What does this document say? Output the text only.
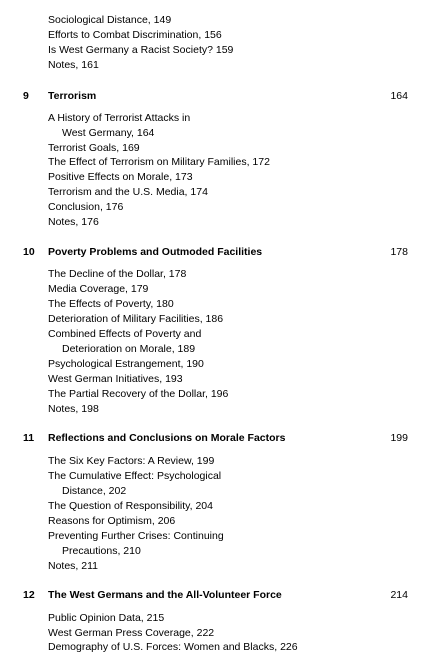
Sociological Distance, 149
Efforts to Combat Discrimination, 156
Is West Germany a Racist Society? 159
Notes, 161
9 Terrorism	164
A History of Terrorist Attacks in
West Germany, 164
Terrorist Goals, 169
The Effect of Terrorism on Military Families, 172
Positive Effects on Morale, 173
Terrorism and the U.S. Media, 174
Conclusion, 176
Notes, 176
10 Poverty Problems and Outmoded Facilities	178
The Decline of the Dollar, 178
Media Coverage, 179
The Effects of Poverty, 180
Deterioration of Military Facilities, 186
Combined Effects of Poverty and
Deterioration on Morale, 189
Psychological Estrangement, 190
West German Initiatives, 193
The Partial Recovery of the Dollar, 196
Notes, 198
11 Reflections and Conclusions on Morale Factors	199
The Six Key Factors: A Review, 199
The Cumulative Effect: Psychological
Distance, 202
The Question of Responsibility, 204
Reasons for Optimism, 206
Preventing Further Crises: Continuing
Precautions, 210
Notes, 211
12 The West Germans and the All-Volunteer Force	214
Public Opinion Data, 215
West German Press Coverage, 222
Demography of U.S. Forces: Women and Blacks, 226
